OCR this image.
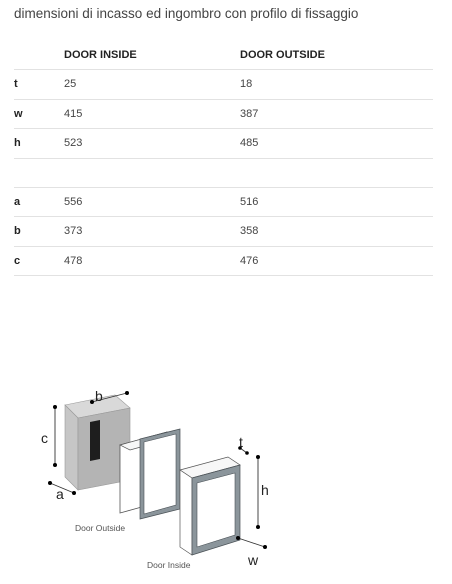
dimensioni di incasso ed ingombro con profilo di fissaggio
	DOOR INSIDE	DOOR OUTSIDE
t	25	18
w	415	387
h	523	485

a	556	516
b	373	358
c	478	476
c
b
a	h
t
w
Door Outside
Door Inside
